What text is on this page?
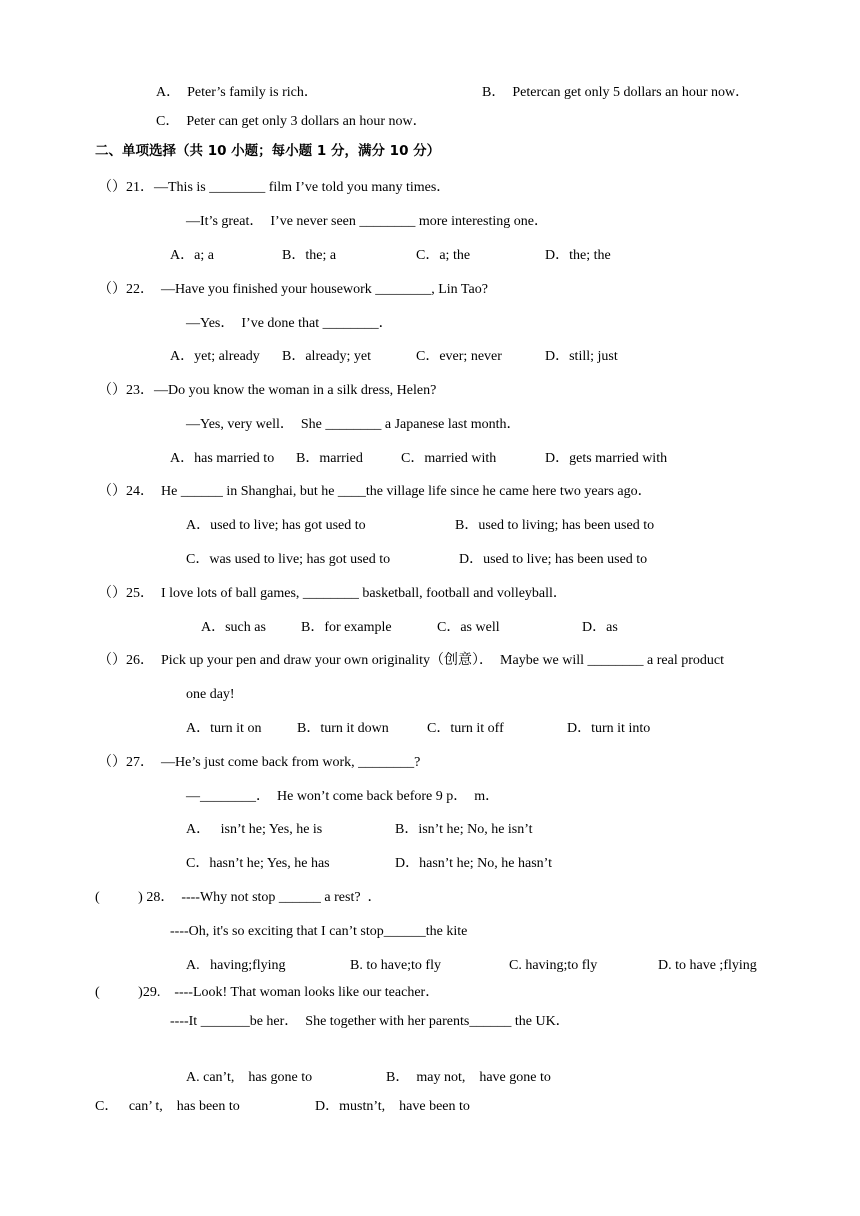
A．  Peter’s family is rich．	B．  Petercan get only 5 dollars an hour now．
C．  Peter can get only 3 dollars an hour now．
二、单项选择（共 10 小题；每小题 1 分，满分 10 分）
（）21．—This is ________ film I’ve told you many times．
—It’s great．  I’ve never seen ________ more interesting one．
A．a; a	B．the; a	C．a; the	D．the; the
（）22．  —Have you finished your housework ________, Lin Tao?
—Yes．  I’ve done that ________．
A．yet; already B．already; yet	C．ever; never	D．still; just
（）23．—Do you know the woman in a silk dress, Helen?
—Yes, very well．  She ________ a Japanese last month．
A．has married to B．married	C．married with	D．gets married with
（）24．  He ______ in Shanghai, but he ____the village life since he came here two years ago．
A．used to live; has got used to	B．used to living; has been used to
C．was used to live; has got used to	D．used to live; has been used to
（）25．  I love lots of ball games, ________ basketball, football and volleyball．
A．such as	B．for example	C．as well	D．as
（）26．  Pick up your pen and draw your own originality（创意）．  Maybe we will ________ a real product
one day!
A．turn it on	B．turn it down	C．turn it off	D．turn it into
（）27．  —He’s just come back from work, ________?
—________．  He won’t come back before 9 p．  m．
A．   isn’t he; Yes, he is	B．isn’t he; No, he isn’t
C．hasn’t he; Yes, he has	D．hasn’t he; No, he hasn’t
(           ) 28．  ----Why not stop ______ a rest?  ．
----Oh, it's so exciting that I can’t stop______the kite
A.   having;flying	B. to have;to fly	C. having;to fly	D. to have ;flying
(           )29.    ----Look! That woman looks like our teacher．
----It _______be her．  She together with her parents______ the UK．
A. can’t,    has gone to	B．  may not,    have gone to
C．   can’ t,    has been to	D．mustn’t,    have been to
